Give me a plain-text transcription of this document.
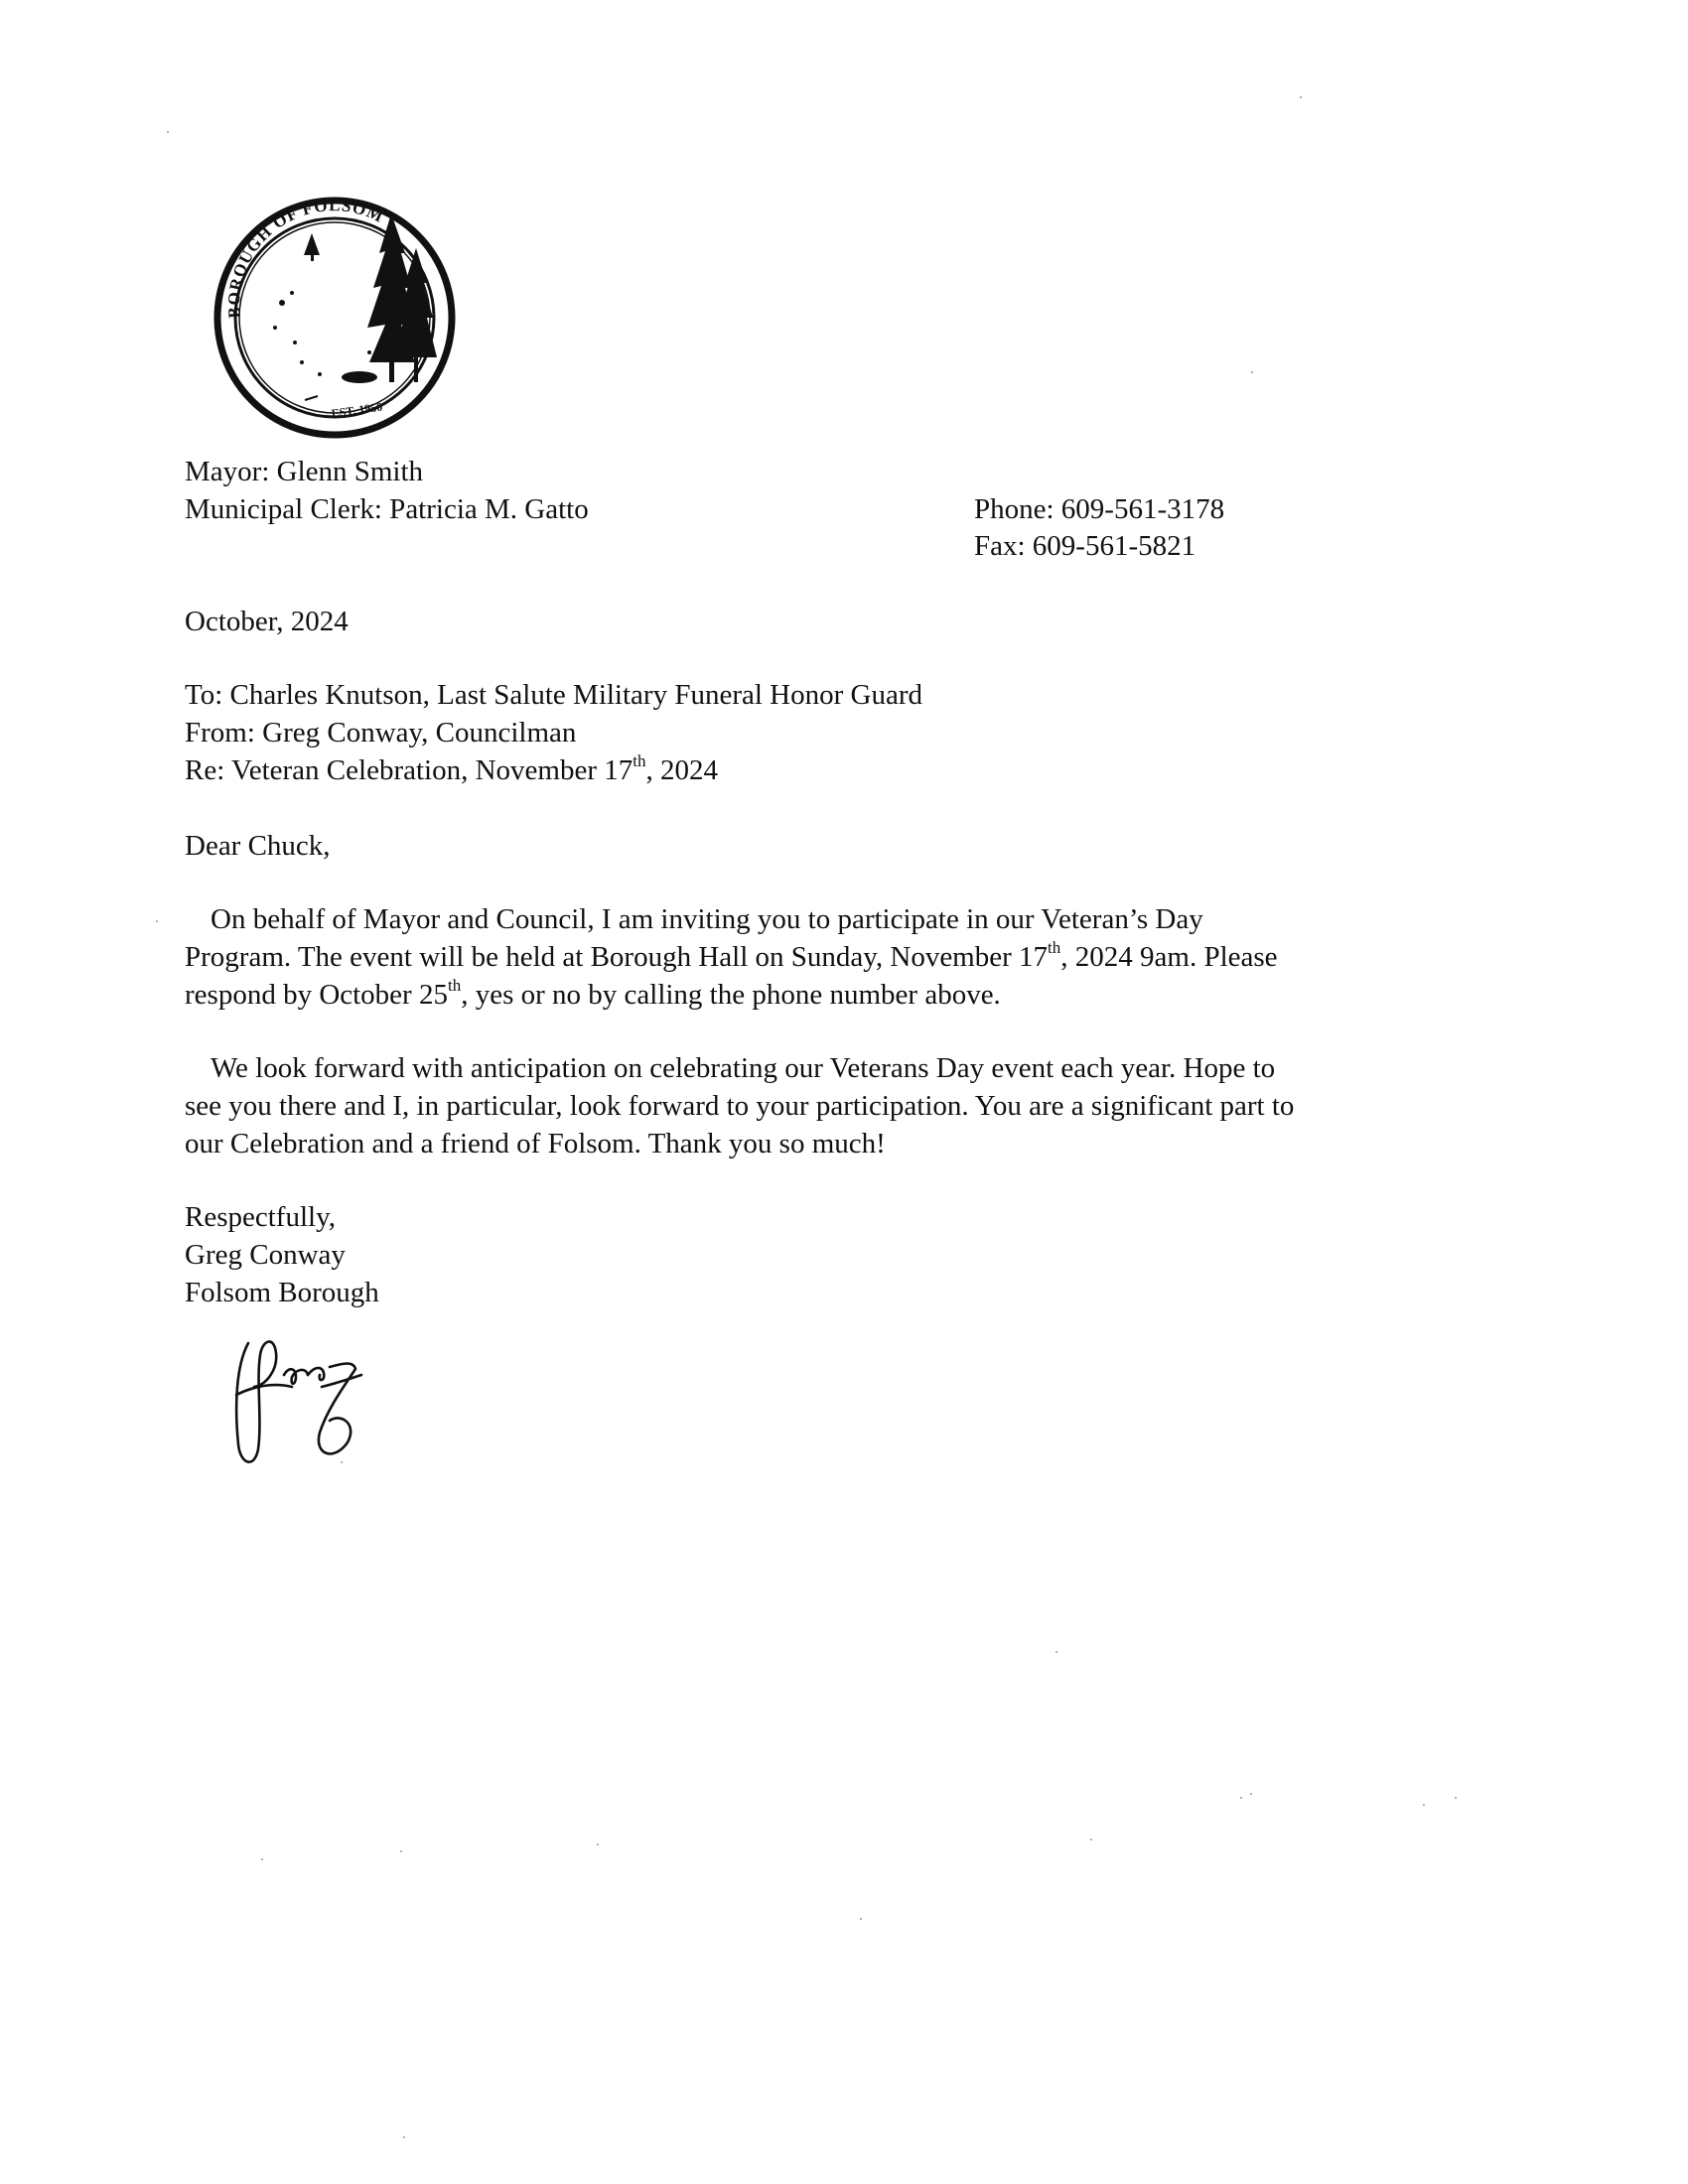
BOROUGH OF FOLSOM
EST. 1950

Mayor: Glenn Smith

Municipal Clerk: Patricia M. Gatto	Phone: 609-561-3178

Fax: 609-561-5821

October, 2024

To: Charles Knutson, Last Salute Military Funeral Honor Guard

From: Greg Conway, Councilman

Re: Veteran Celebration, November 17th, 2024

Dear Chuck,

On behalf of Mayor and Council, I am inviting you to participate in our Veteran’s Day

Program. The event will be held at Borough Hall on Sunday, November 17th, 2024 9am. Please

respond by October 25th, yes or no by calling the phone number above.

We look forward with anticipation on celebrating our Veterans Day event each year. Hope to

see you there and I, in particular, look forward to your participation. You are a significant part to

our Celebration and a friend of Folsom. Thank you so much!

Respectfully,

Greg Conway

Folsom Borough
